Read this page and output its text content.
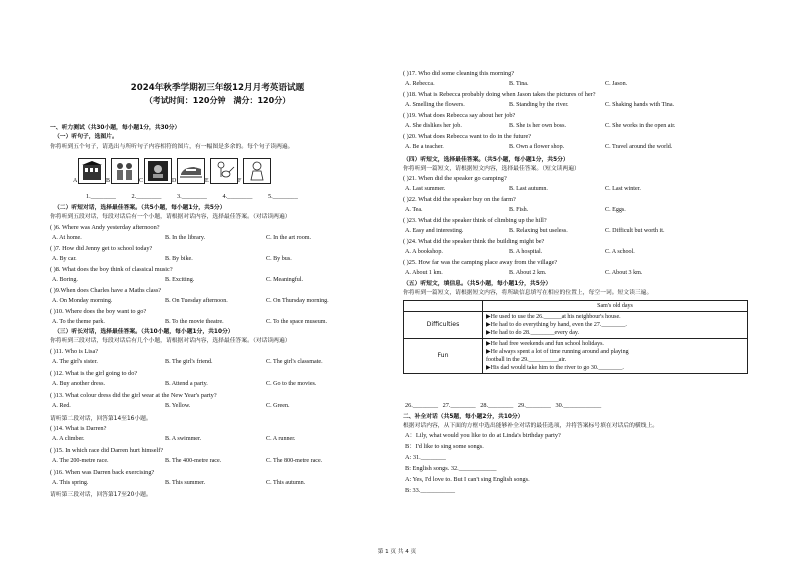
2024年秋季学期初三年级12月月考英语试题
（考试时间：120分钟　满分：120分）
一、听力测试（共30小题，每小题1分，共30分）
（一）听句子，选图片。
你将听到五个句子，请选出与所听句子内容相符的图片，有一幅图是多余的。每个句子读两遍。
A	B	C	D	E	F
1.________ 2.________ 3.________ 4.________ 5.________
（二）听短对话，选择最佳答案。（共5小题，每小题1分，共5分）
你将听到五段对话，每段对话后有一个小题，请根据对话内容，选择最佳答案。（对话读两遍）
( )6. Where was Andy yesterday afternoon?
A. At home.	B. In the library.	C. In the art room.
( )7. How did Jenny get to school today?
A. By car.	B. By bike.	C. By bus.
( )8. What does the boy think of classical music?
A. Boring.	B. Exciting.	C. Meaningful.
( )9.When does Charles have a Maths class?
A. On Monday morning.	B. On Tuesday afternoon.	C. On Thursday morning.
( )10. Where does the boy want to go?
A. To the theme park.	B. To the movie theatre.	C. To the space museum.
（三）听长对话，选择最佳答案。（共10小题，每小题1分，共10分）
你将听到三段对话，每段对话后有几个小题，请根据对话内容，选择最佳答案。（对话读两遍）
( )11. Who is Lisa?
A. The girl's sister.	B. The girl's friend.	C. The girl's classmate.
( )12. What is the girl going to do?
A. Buy another dress.	B. Attend a party.	C. Go to the movies.
( )13. What colour dress did the girl wear at the New Year's party?
A. Red.	B. Yellow.	C. Green.
请听第二段对话，回答第14至16小题。
( )14. What is Darren?
A. A climber.	B. A swimmer.	C. A runner.
( )15. In which race did Darren hurt himself?
A. The 200-metre race.	B. The 400-metre race.	C. The 800-metre race.
( )16. When was Darren back exercising?
A. This spring.	B. This summer.	C. This autumn.
请听第三段对话，回答第17至20小题。
( )17. Who did some cleaning this morning?
A. Rebecca.	B. Tina.	C. Jason.
( )18. What is Rebecca probably doing when Jason takes the pictures of her?
A. Smelling the flowers.	B. Standing by the river.	C. Shaking hands with Tina.
( )19. What does Rebecca say about her job?
A. She dislikes her job.	B. She is her own boss.	C. She works in the open air.
( )20. What does Rebecca want to do in the future?
A. Be a teacher.	B. Own a flower shop.	C. Travel around the world.
（四）听短文，选择最佳答案。（共5小题，每小题1分，共5分）
你将听到一篇短文，请根据短文内容，选择最佳答案。（短文读两遍）
( )21. When did the speaker go camping?
A. Last summer.	B. Last autumn.	C. Last winter.
( )22. What did the speaker buy on the farm?
A. Tea.	B. Fish.	C. Eggs.
( )23. What did the speaker think of climbing up the hill?
A. Easy and interesting.	B. Relaxing but useless.	C. Difficult but worth it.
( )24. What did the speaker think the building might be?
A. A bookshop.	B. A hospital.	C. A school.
( )25. How far was the camping place away from the village?
A. About 1 km.	B. About 2 km.	C. About 3 km.
（五）听短文，填信息。（共5小题，每小题1分，共5分）
你将听到一篇短文，请根据短文内容，将所缺信息填写在相应的位置上，每空一词。短文读三遍。
	Sam's old days
Difficulties	▶He used to use the 26.______at his neighbour's house.
▶He had to do everything by hand, even the 27.________.
▶He had to do 28.________every day.

Fun	▶He had free weekends and fun school holidays.
▶He always spent a lot of time running around and playing
football in the 29.__________air.
▶His dad would take him to the river to go 30.________.
26.________ 27.________ 28.________ 29.________ 30.____________
二、补全对话（共5题，每小题2分，共10分）
根据对话内容，从下面的方框中选出能够补全对话的最佳选项，并将答案标号填在对话后的横线上。
A：Lily, what would you like to do at Linda's birthday party?
B：I'd like to sing some songs.
A: 31.________
B: English songs. 32.____________
A: Yes, I'd love to. But I can't sing English songs.
B: 33.___________
第 1 页 共 4 页
